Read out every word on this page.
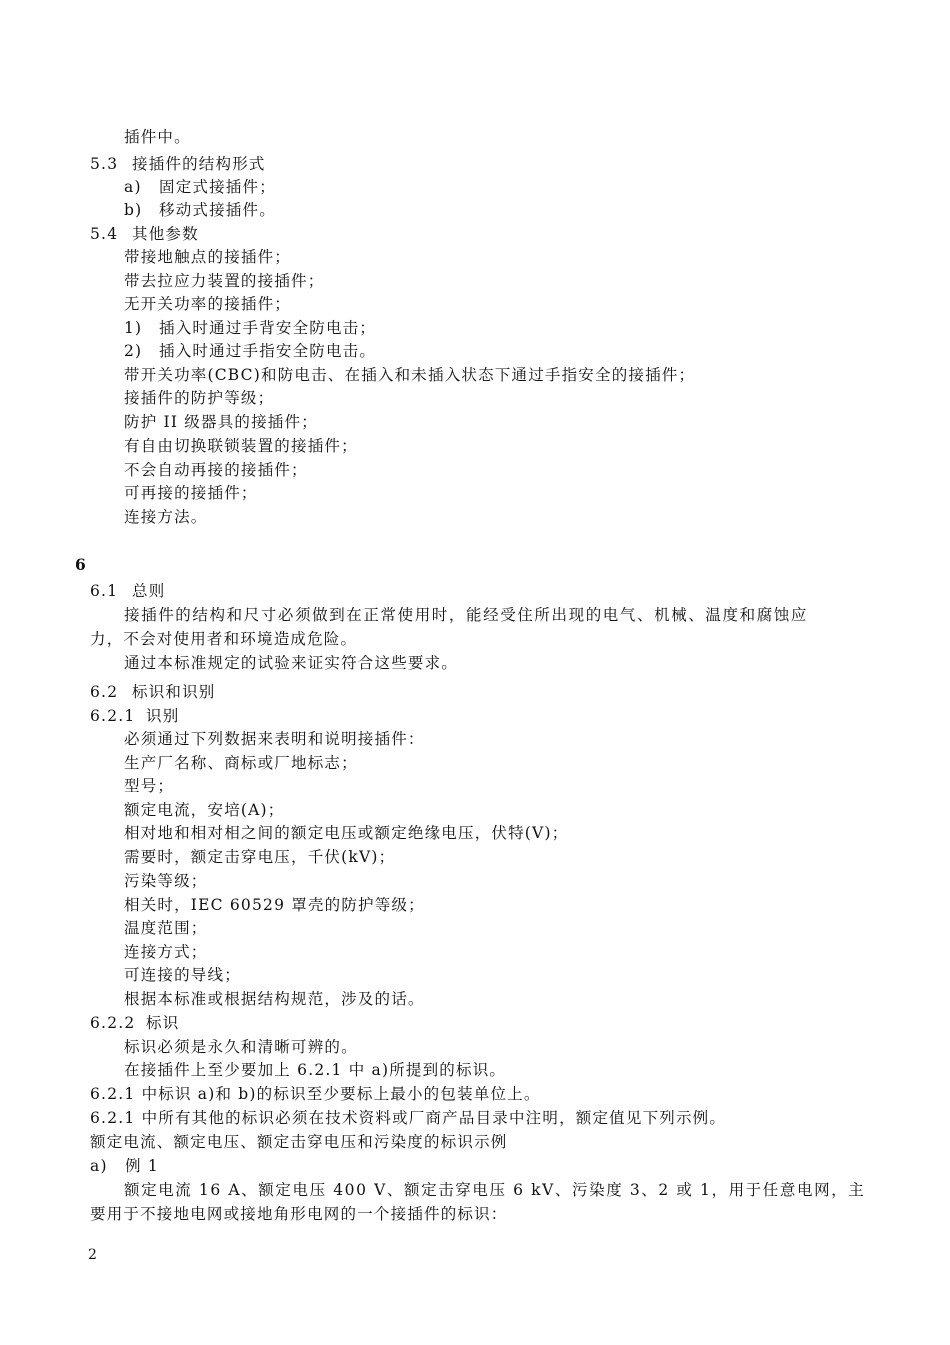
插件中。
5.3 接插件的结构形式
a) 固定式接插件；
b) 移动式接插件。
5.4 其他参数
带接地触点的接插件；
带去拉应力装置的接插件；
无开关功率的接插件；
1) 插入时通过手背安全防电击；
2) 插入时通过手指安全防电击。
带开关功率(CBC)和防电击、在插入和未插入状态下通过手指安全的接插件；
接插件的防护等级；
防护 II 级器具的接插件；
有自由切换联锁装置的接插件；
不会自动再接的接插件；
可再接的接插件；
连接方法。
6
6.1 总则
接插件的结构和尺寸必须做到在正常使用时，能经受住所出现的电气、机械、温度和腐蚀应
力，不会对使用者和环境造成危险。
通过本标准规定的试验来证实符合这些要求。
6.2 标识和识别
6.2.1 识别
必须通过下列数据来表明和说明接插件：
生产厂名称、商标或厂地标志；
型号；
额定电流，安培(A)；
相对地和相对相之间的额定电压或额定绝缘电压，伏特(V)；
需要时，额定击穿电压，千伏(kV)；
污染等级；
相关时，IEC 60529 罩壳的防护等级；
温度范围；
连接方式；
可连接的导线；
根据本标准或根据结构规范，涉及的话。
6.2.2 标识
标识必须是永久和清晰可辨的。
在接插件上至少要加上 6.2.1 中 a)所提到的标识。
6.2.1 中标识 a)和 b)的标识至少要标上最小的包装单位上。
6.2.1 中所有其他的标识必须在技术资料或厂商产品目录中注明，额定值见下列示例。
额定电流、额定电压、额定击穿电压和污染度的标识示例
a) 例 1
额定电流 16 A、额定电压 400 V、额定击穿电压 6 kV、污染度 3、2 或 1，用于任意电网，主
要用于不接地电网或接地角形电网的一个接插件的标识：
2
